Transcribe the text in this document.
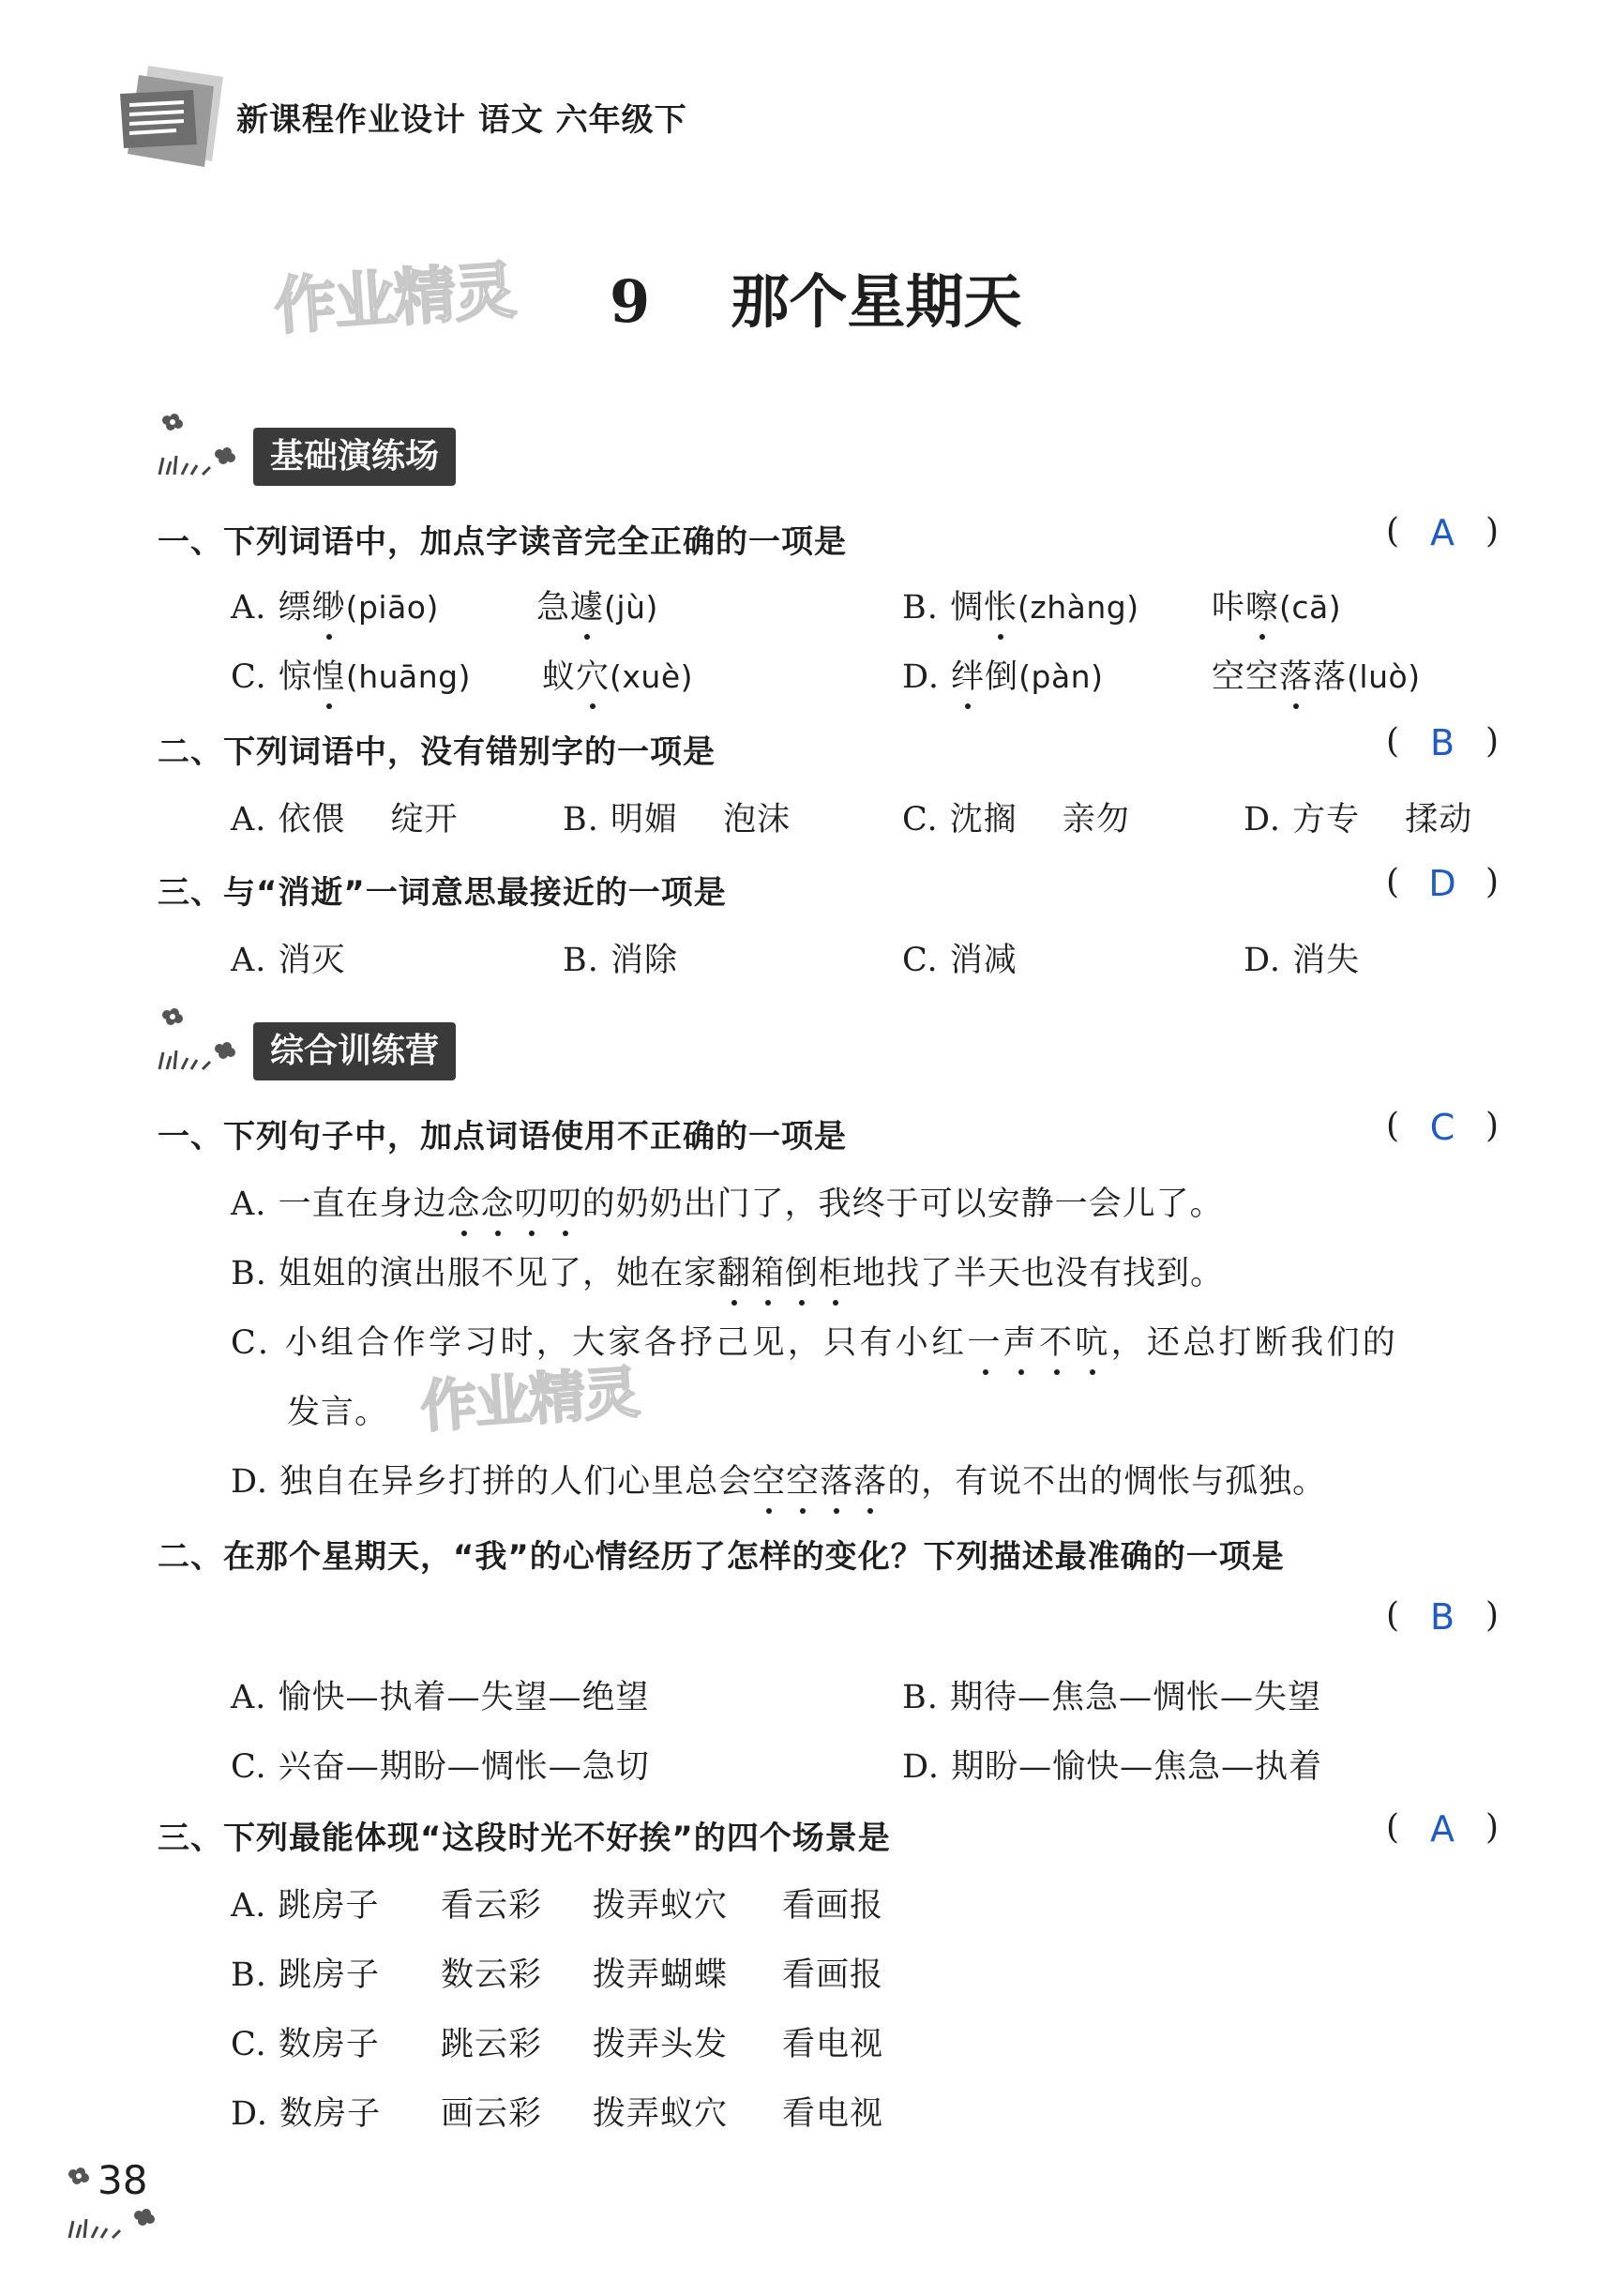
新课程作业设计 语文 六年级下
作业精灵 9    那个星期天
基础演练场
一、下列词语中，加点字读音完全正确的一项是	( A )
A. 缥缈(piāo)	急遽(jù)	B. 惆怅(zhàng) 咔嚓(cā)
C. 惊惶(huāng) 蚁穴(xuè)	D. 绊倒(pàn)	空空落落(luò)
二、下列词语中，没有错别字的一项是	( B )
A. 依偎　 绽开	B. 明媚　 泡沫	C. 沈搁　 亲勿	D. 方专　 揉动
三、与“消逝”一词意思最接近的一项是	( D )
A. 消灭	B. 消除	C. 消减	D. 消失
综合训练营
一、下列句子中，加点词语使用不正确的一项是	( C )
A. 一直在身边念念叨叨的奶奶出门了，我终于可以安静一会儿了。
B. 姐姐的演出服不见了，她在家翻箱倒柜地找了半天也没有找到。
C. 小组合作学习时，大家各抒己见，只有小红一声不吭，还总打断我们的
发言。 作业精灵
D. 独自在异乡打拼的人们心里总会空空落落的，有说不出的惆怅与孤独。
二、在那个星期天，“我”的心情经历了怎样的变化？下列描述最准确的一项是
( B )
A. 愉快—执着—失望—绝望	B. 期待—焦急—惆怅—失望
C. 兴奋—期盼—惆怅—急切	D. 期盼—愉快—焦急—执着
三、下列最能体现“这段时光不好挨”的四个场景是	( A )
A. 跳房子 看云彩 拨弄蚁穴 看画报
B. 跳房子 数云彩 拨弄蝴蝶 看画报
C. 数房子 跳云彩 拨弄头发 看电视
D. 数房子 画云彩 拨弄蚁穴 看电视
38
